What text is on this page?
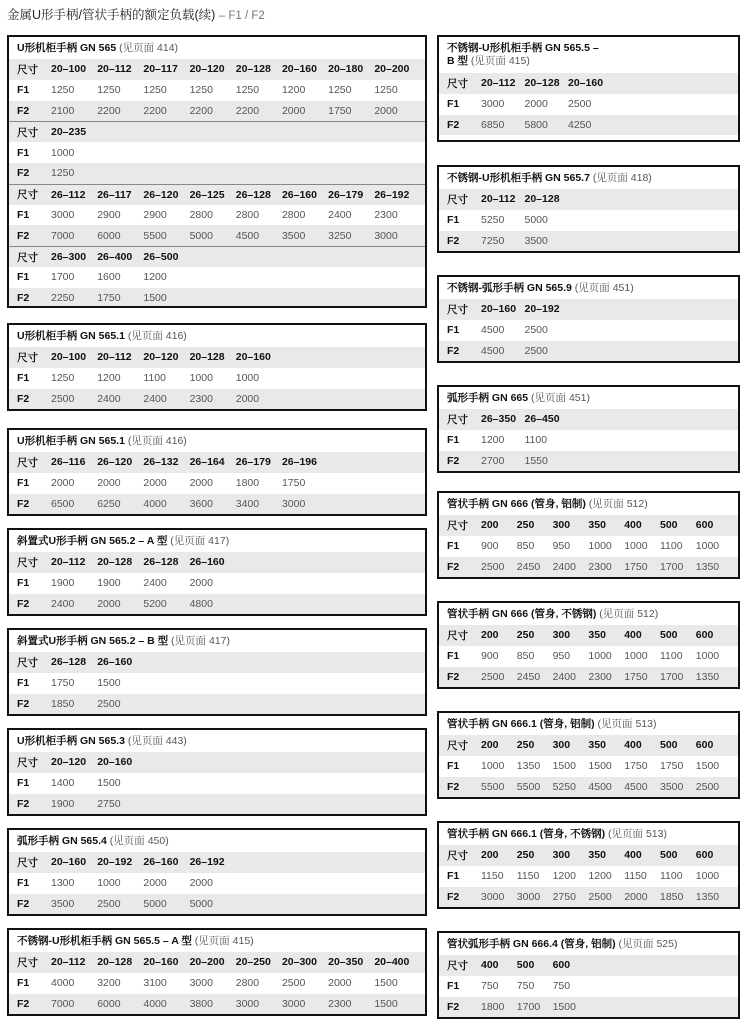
金属U形手柄/管状手柄的额定负载(续) – F1 / F2
U形机柜手柄 GN 565 (见页面 414)
尺寸	20–100	20–112	20–117	20–120	20–128	20–160	20–180	20–200
F1	1250	1250	1250	1250	1250	1200	1250	1250
F2	2100	2200	2200	2200	2200	2000	1750	2000
尺寸	20–235
F1	1000
F2	1250
尺寸	26–112	26–117	26–120	26–125	26–128	26–160	26–179	26–192
F1	3000	2900	2900	2800	2800	2800	2400	2300
F2	7000	6000	5500	5000	4500	3500	3250	3000
尺寸	26–300	26–400	26–500
F1	1700	1600	1200
F2	2250	1750	1500
U形机柜手柄 GN 565.1 (见页面 416)
尺寸	20–100	20–112	20–120	20–128	20–160
F1	1250	1200	1100	1000	1000
F2	2500	2400	2400	2300	2000
U形机柜手柄 GN 565.1 (见页面 416)
尺寸	26–116	26–120	26–132	26–164	26–179	26–196
F1	2000	2000	2000	2000	1800	1750
F2	6500	6250	4000	3600	3400	3000
斜置式U形手柄 GN 565.2 – A 型 (见页面 417)
尺寸	20–112	20–128	26–128	26–160
F1	1900	1900	2400	2000
F2	2400	2000	5200	4800
斜置式U形手柄 GN 565.2 – B 型 (见页面 417)
尺寸	26–128	26–160
F1	1750	1500
F2	1850	2500
U形机柜手柄 GN 565.3 (见页面 443)
尺寸	20–120	20–160
F1	1400	1500
F2	1900	2750
弧形手柄 GN 565.4 (见页面 450)
尺寸	20–160	20–192	26–160	26–192
F1	1300	1000	2000	2000
F2	3500	2500	5000	5000
不锈钢-U形机柜手柄 GN 565.5 – A 型 (见页面 415)
尺寸	20–112	20–128	20–160	20–200	20–250	20–300	20–350	20–400
F1	4000	3200	3100	3000	2800	2500	2000	1500
F2	7000	6000	4000	3800	3000	3000	2300	1500
不锈钢-U形机柜手柄 GN 565.5 –
B 型 (见页面 415)
尺寸	20–112 20–128 20–160
F1	3000	2000	2500
F2	6850	5800	4250
不锈钢-U形机柜手柄 GN 565.7 (见页面 418)
尺寸	20–112 20–128
F1	5250	5000
F2	7250	3500
不锈钢-弧形手柄 GN 565.9 (见页面 451)
尺寸	20–160 20–192
F1	4500	2500
F2	4500	2500
弧形手柄 GN 665 (见页面 451)
尺寸	26–350 26–450
F1	1200	1100
F2	2700	1550
管状手柄 GN 666 (管身, 铝制) (见页面 512)
尺寸	200	250	300	350	400	500	600
F1	900	850	950	1000	1000	1100	1000
F2	2500	2450	2400	2300	1750	1700	1350
管状手柄 GN 666 (管身, 不锈钢) (见页面 512)
尺寸	200	250	300	350	400	500	600
F1	900	850	950	1000	1000	1100	1000
F2	2500	2450	2400	2300	1750	1700	1350
管状手柄 GN 666.1 (管身, 铝制) (见页面 513)
尺寸	200	250	300	350	400	500	600
F1	1000	1350	1500	1500	1750	1750	1500
F2	5500	5500	5250	4500	4500	3500	2500
管状手柄 GN 666.1 (管身, 不锈钢) (见页面 513)
尺寸	200	250	300	350	400	500	600
F1	1150	1150	1200	1200	1150	1100	1000
F2	3000	3000	2750	2500	2000	1850	1350
管状弧形手柄 GN 666.4 (管身, 铝制) (见页面 525)
尺寸	400	500	600
F1	750	750	750
F2	1800	1700	1500
